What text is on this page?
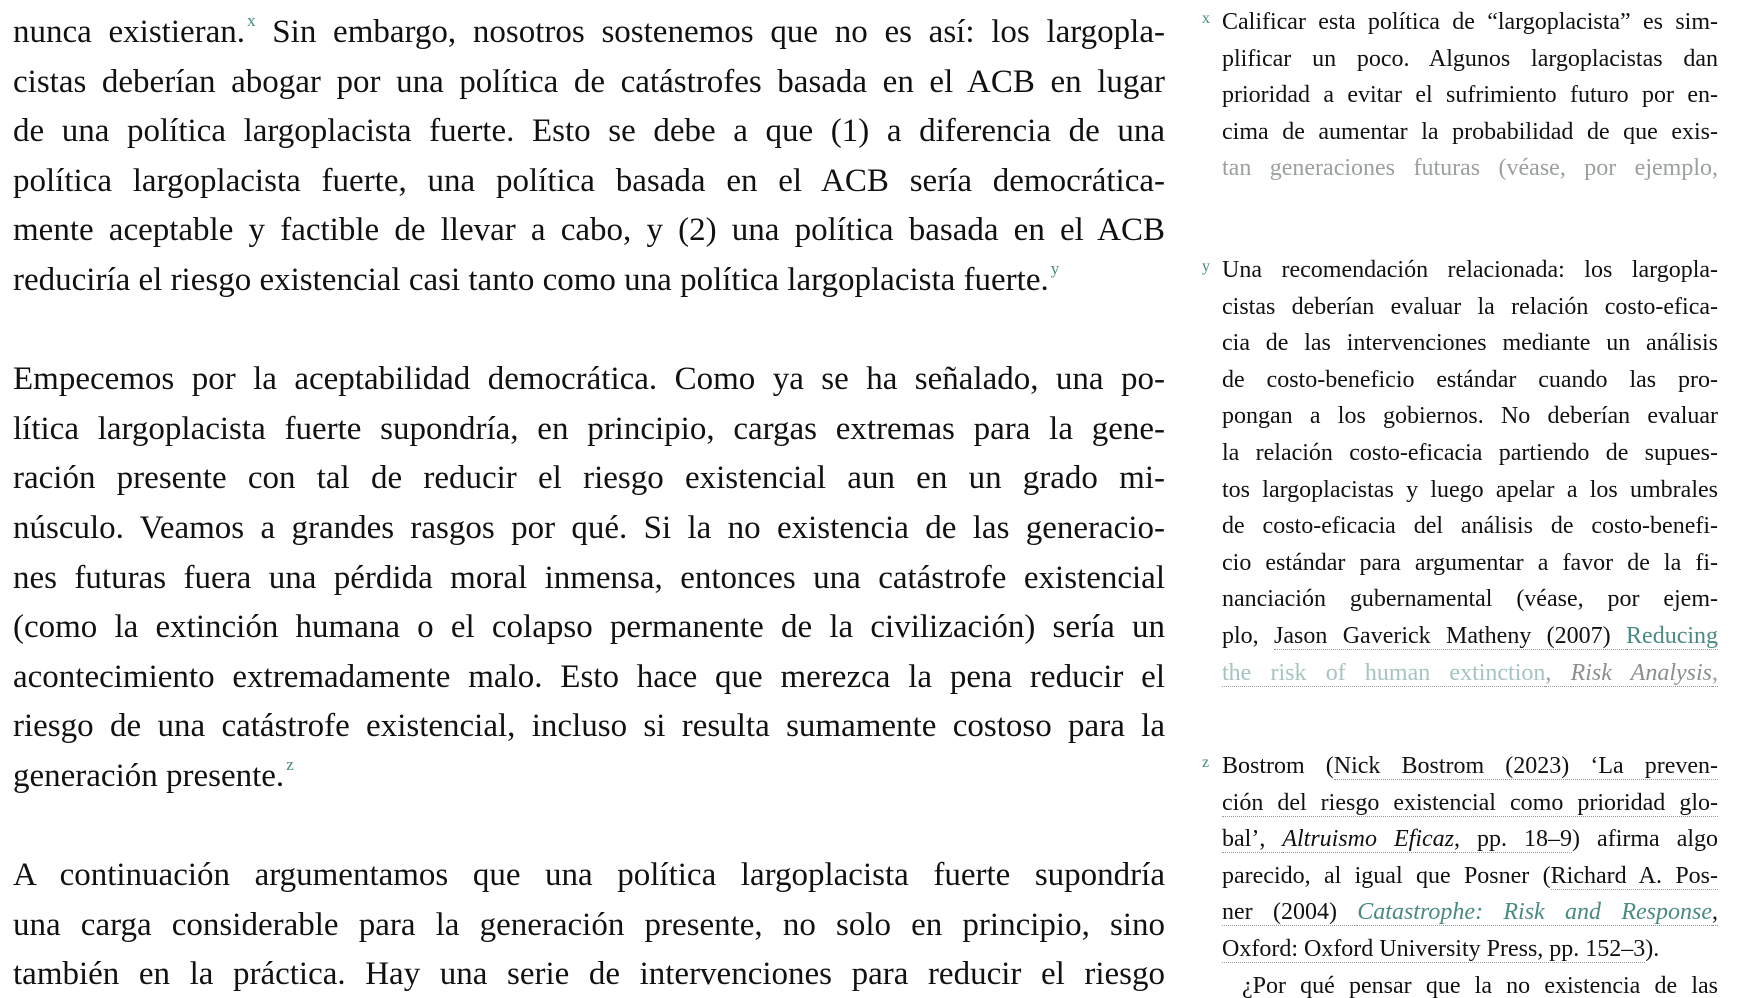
nunca existieran. $^x$ Sin embargo, nosotros sostenemos que no es así: los largopla-
cistas deberían abogar por una política de catástrofes basada en el ACB en lugar
de una política largoplacista fuerte. Esto se debe a que (1) a diferencia de una
política largoplacista fuerte, una política basada en el ACB sería democrática-
mente aceptable y factible de llevar a cabo, y (2) una política basada en el ACB
reduciría el riesgo existencial casi tanto como una política largoplacista fuerte. $^y$

Empecemos por la aceptabilidad democrática. Como ya se ha señalado, una po-
lítica largoplacista fuerte supondría, en principio, cargas extremas para la gene-
ración presente con tal de reducir el riesgo existencial aun en un grado mi-
núsculo. Veamos a grandes rasgos por qué. Si la no existencia de las generacio-
nes futuras fuera una pérdida moral inmensa, entonces una catástrofe existencial
(como la extinción humana o el colapso permanente de la civilización) sería un
acontecimiento extremadamente malo. Esto hace que merezca la pena reducir el
riesgo de una catástrofe existencial, incluso si resulta sumamente costoso para la
generación presente. $^z$

A continuación argumentamos que una política largoplacista fuerte supondría
una carga considerable para la generación presente, no solo en principio, sino
también en la práctica. Hay una serie de intervenciones para reducir el riesgo

x Calificar esta política de “largoplacista” es sim-
plificar un poco. Algunos largoplacistas dan
prioridad a evitar el sufrimiento futuro por en-
cima de aumentar la probabilidad de que exis-
tan generaciones futuras (véase, por ejemplo,
y Una recomendación relacionada: los largopla-
cistas deberían evaluar la relación costo-efica-
cia de las intervenciones mediante un análisis
de costo-beneficio estándar cuando las pro-
pongan a los gobiernos. No deberían evaluar
la relación costo-eficacia partiendo de supues-
tos largoplacistas y luego apelar a los umbrales
de costo-eficacia del análisis de costo-benefi-
cio estándar para argumentar a favor de la fi-
nanciación gubernamental (véase, por ejem-
plo, Jason Gaverick Matheny (2007) Reducing
the risk of human extinction, Risk Analysis,
z Bostrom (Nick Bostrom (2023) ‘La preven-
ción del riesgo existencial como prioridad glo-
bal’, Altruismo Eficaz, pp. 18–9) afirma algo
parecido, al igual que Posner (Richard A. Pos-
ner (2004) Catastrophe: Risk and Response,
Oxford: Oxford University Press, pp. 152–3).
¿Por qué pensar que la no existencia de las
